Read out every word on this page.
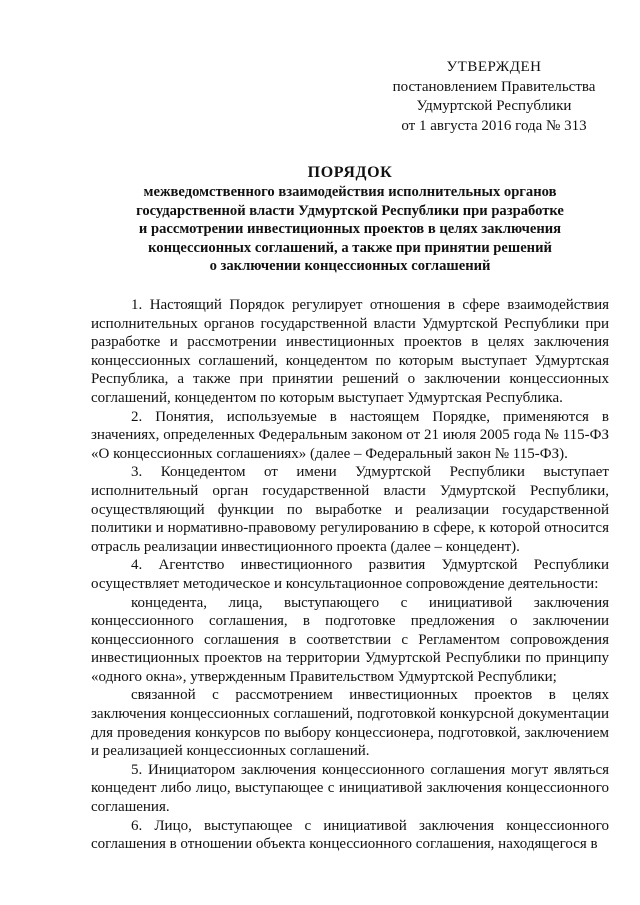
УТВЕРЖДЕН
постановлением Правительства
Удмуртской Республики
от 1 августа 2016 года № 313
ПОРЯДОК
межведомственного взаимодействия исполнительных органов
государственной власти Удмуртской Республики при разработке
и рассмотрении инвестиционных проектов в целях заключения
концессионных соглашений, а также при принятии решений
о заключении концессионных соглашений

1. Настоящий Порядок регулирует отношения в сфере взаимодействия исполнительных органов государственной власти Удмуртской Республики при разработке и рассмотрении инвестиционных проектов в целях заключения концессионных соглашений, концедентом по которым выступает Удмуртская Республика, а также при принятии решений о заключении концессионных соглашений, концедентом по которым выступает Удмуртская Республика.

2. Понятия, используемые в настоящем Порядке, применяются в значениях, определенных Федеральным законом от 21 июля 2005 года № 115-ФЗ «О концессионных соглашениях» (далее – Федеральный закон № 115-ФЗ).

3. Концедентом от имени Удмуртской Республики выступает исполнительный орган государственной власти Удмуртской Республики, осуществляющий функции по выработке и реализации государственной политики и нормативно-правовому регулированию в сфере, к которой относится отрасль реализации инвестиционного проекта (далее – концедент).

4. Агентство инвестиционного развития Удмуртской Республики осуществляет методическое и консультационное сопровождение деятельности:

концедента, лица, выступающего с инициативой заключения концессионного соглашения, в подготовке предложения о заключении концессионного соглашения в соответствии с Регламентом сопровождения инвестиционных проектов на территории Удмуртской Республики по принципу «одного окна», утвержденным Правительством Удмуртской Республики;

связанной с рассмотрением инвестиционных проектов в целях заключения концессионных соглашений, подготовкой конкурсной документации для проведения конкурсов по выбору концессионера, подготовкой, заключением и реализацией концессионных соглашений.

5. Инициатором заключения концессионного соглашения могут являться концедент либо лицо, выступающее с инициативой заключения концессионного соглашения.

6. Лицо, выступающее с инициативой заключения концессионного соглашения в отношении объекта концессионного соглашения, находящегося в
